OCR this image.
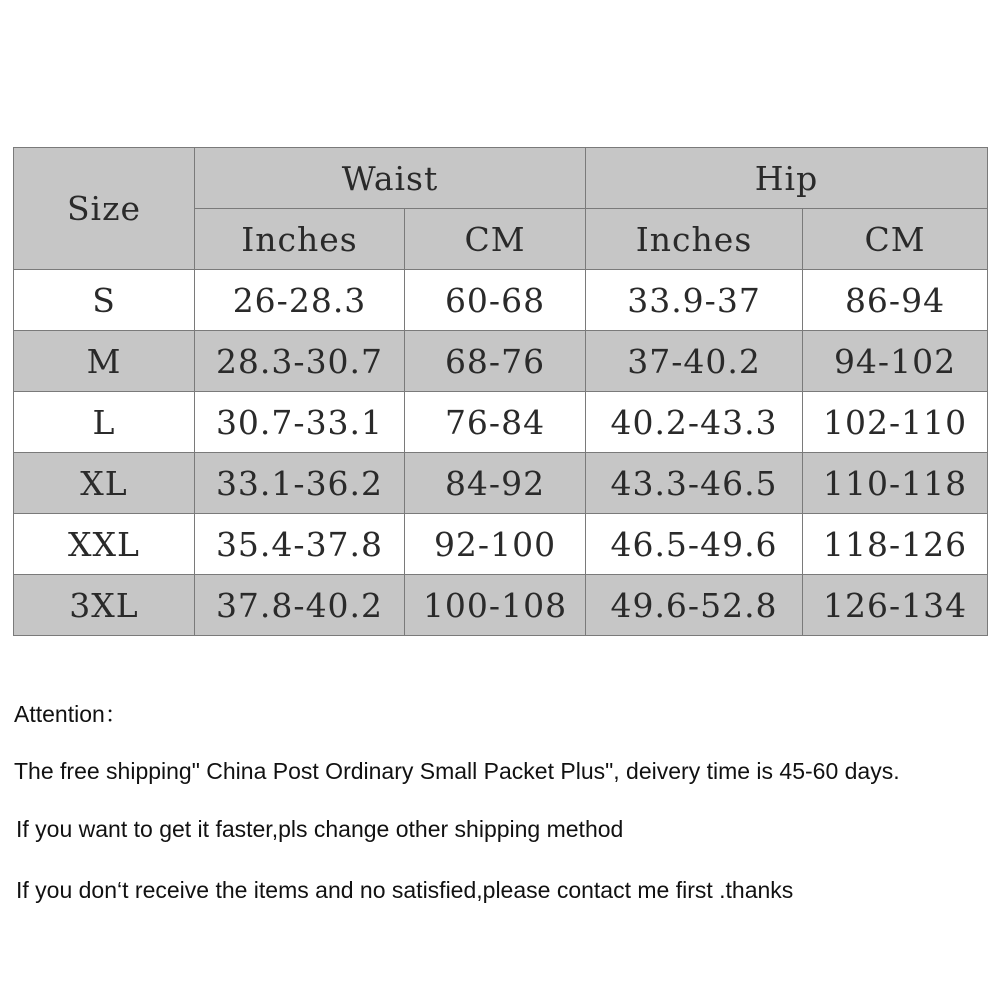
Size	Waist		Hip	
	Inches	CM	Inches	CM
S	26-28.3	60-68	33.9-37	86-94
M	28.3-30.7	68-76	37-40.2	94-102
L	30.7-33.1	76-84	40.2-43.3	102-110
XL	33.1-36.2	84-92	43.3-46.5	110-118
XXL	35.4-37.8	92-100	46.5-49.6	118-126
3XL	37.8-40.2	100-108	49.6-52.8	126-134

Attention：

The free shipping" China Post Ordinary Small Packet Plus", deivery time is 45-60 days.

If you want to get it faster,pls change other shipping method

If you don‘t receive the items and no satisfied,please contact me first .thanks
